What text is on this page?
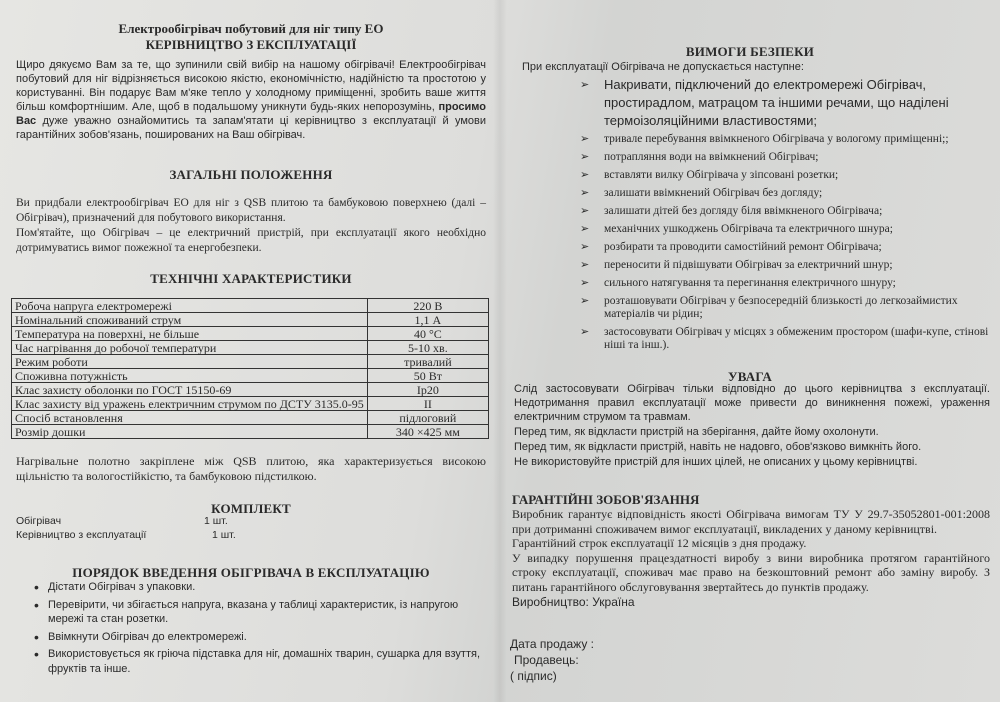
Електрообігрівач побутовий для ніг типу ЕО
КЕРІВНИЦТВО З ЕКСПЛУАТАЦІЇ
Щиро дякуємо Вам за те, що зупинили свій вибір на нашому обігрівачі! Електрообігрівач побутовий для ніг відрізняється високою якістю, економічністю, надійністю та простотою у користуванні. Він подарує Вам м'яке тепло у холодному приміщенні, зробить ваше життя більш комфортнішим. Але, щоб в подальшому уникнути будь-яких непорозумінь, просимо Вас дуже уважно ознайомитись та запам'ятати ці керівництво з експлуатації й умови гарантійних зобов'язань, пошированих на Ваш обігрівач.
ЗАГАЛЬНІ ПОЛОЖЕННЯ
Ви придбали електрообігрівач ЕО для ніг з QSB плитою та бамбуковою поверхнею (далі – Обігрівач), призначений для побутового використання.
Пом'ятайте, що Обігрівач – це електричний пристрій, при експлуатації якого необхідно дотримуватись вимог пожежної та енергобезпеки.
ТЕХНІЧНІ ХАРАКТЕРИСТИКИ
Робоча напруга електромережі	220 В
Номінальний споживаний струм	1,1 А
Температура на поверхні, не більше	40 °С
Час нагрівання до робочої температури	5-10 хв.
Режим роботи	тривалий
Споживна потужність	50 Вт
Клас захисту оболонки по ГОСТ 15150-69	Ip20
Клас захисту від уражень електричним струмом по ДСТУ 3135.0-95	II
Спосіб встановлення	підлоговий
Розмір дошки	340 ×425 мм
Нагрівальне полотно закріплене між QSB плитою, яка характеризується високою щільністю та вологостійкістю, та бамбуковою підстилкою.
КОМПЛЕКТ
Обігрівач	1 шт.
Керівництво з експлуатації	1 шт.
ПОРЯДОК ВВЕДЕННЯ ОБІГРІВАЧА В ЕКСПЛУАТАЦІЮ
• Дістати Обігрівач з упаковки.
• Перевірити, чи збігається напруга, вказана у таблиці характеристик, із напругою мережі та стан розетки.
• Ввімкнути Обігрівач до електромережі.
• Використовується як гріюча підставка для ніг, домашніх тварин, сушарка для взуття, фруктів та інше.
ВИМОГИ БЕЗПЕКИ
При експлуатації Обігрівача не допускається наступне:
➢ Накривати, підключений до електромережі Обігрівач, простирадлом, матрацом та іншими речами, що наділені термоізоляційними властивостями;
➢ тривале перебування ввімкненого Обігрівача у вологому приміщенні;;
➢ потрапляння води на ввімкнений Обігрівач;
➢ вставляти вилку Обігрівача у зіпсовані розетки;
➢ залишати ввімкнений Обігрівач без догляду;
➢ залишати дітей без догляду біля ввімкненого Обігрівача;
➢ механічних ушкоджень Обігрівача та електричного шнура;
➢ розбирати та проводити самостійний ремонт Обігрівача;
➢ переносити й підвішувати Обігрівач за електричний шнур;
➢ сильного натягування та перегинання електричного шнуру;
➢ розташовувати Обігрівач у безпосередній близькості до легкозаймистих матеріалів чи рідин;
➢ застосовувати Обігрівач у місцях з обмеженим простором (шафи-купе, стінові ніші та інш.).
УВАГА
Слід застосовувати Обігрівач тільки відповідно до цього керівництва з експлуатації. Недотримання правил експлуатації може привести до виникнення пожежі, ураження електричним струмом та травмам.
Перед тим, як відкласти пристрій на зберігання, дайте йому охолонути.
Перед тим, як відкласти пристрій, навіть не надовго, обов'язково вимкніть його.
Не використовуйте пристрій для інших цілей, не описаних у цьому керівництві.
ГАРАНТІЙНІ ЗОБОВ'ЯЗАННЯ
Виробник гарантує відповідність якості Обігрівача вимогам ТУ У 29.7-35052801-001:2008 при дотриманні споживачем вимог експлуатації, викладених у даному керівництві.
Гарантійний строк експлуатації 12 місяців з дня продажу.
У випадку порушення працездатності виробу з вини виробника протягом гарантійного строку експлуатації, споживач має право на безкоштовний ремонт або заміну виробу. З питань гарантійного обслуговування звертайтесь до пунктів продажу.
Виробництво: Україна
Дата продажу :
Продавець:
( підпис)
